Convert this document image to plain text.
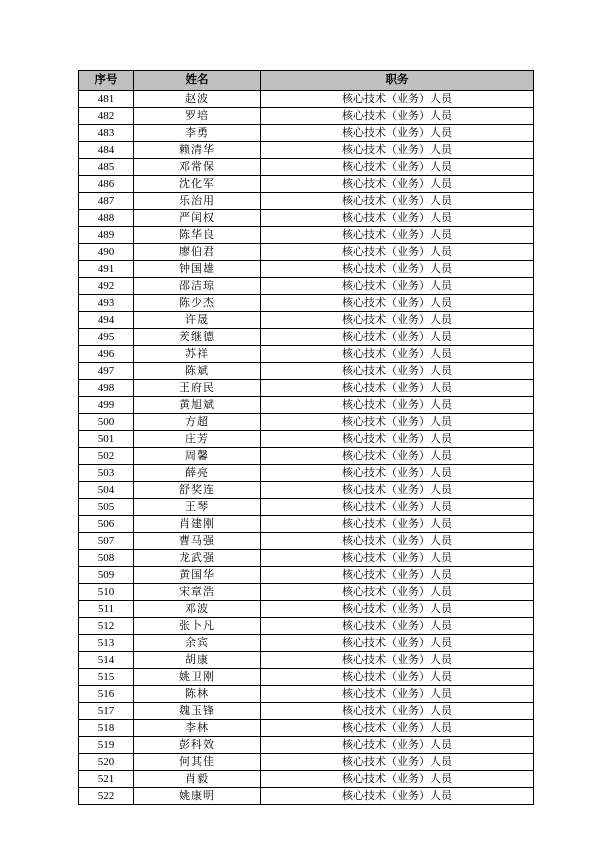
序号	姓名	职务
481	赵波	核心技术（业务）人员
482	罗培	核心技术（业务）人员
483	李勇	核心技术（业务）人员
484	赖清华	核心技术（业务）人员
485	邓常保	核心技术（业务）人员
486	沈化军	核心技术（业务）人员
487	乐治用	核心技术（业务）人员
488	严闰权	核心技术（业务）人员
489	陈华良	核心技术（业务）人员
490	廖伯君	核心技术（业务）人员
491	钟国雄	核心技术（业务）人员
492	邵洁琼	核心技术（业务）人员
493	陈少杰	核心技术（业务）人员
494	许晟	核心技术（业务）人员
495	羑继德	核心技术（业务）人员
496	苏祥	核心技术（业务）人员
497	陈斌	核心技术（业务）人员
498	王府民	核心技术（业务）人员
499	黄旭斌	核心技术（业务）人员
500	方超	核心技术（业务）人员
501	庄芳	核心技术（业务）人员
502	周馨	核心技术（业务）人员
503	薛亮	核心技术（业务）人员
504	舒奖连	核心技术（业务）人员
505	王琴	核心技术（业务）人员
506	肖建刚	核心技术（业务）人员
507	曹马强	核心技术（业务）人员
508	龙武强	核心技术（业务）人员
509	黄国华	核心技术（业务）人员
510	宋章浩	核心技术（业务）人员
511	邓波	核心技术（业务）人员
512	张卜凡	核心技术（业务）人员
513	余宾	核心技术（业务）人员
514	胡康	核心技术（业务）人员
515	姚卫刚	核心技术（业务）人员
516	陈林	核心技术（业务）人员
517	魏玉锋	核心技术（业务）人员
518	李林	核心技术（业务）人员
519	彭科效	核心技术（业务）人员
520	何其佳	核心技术（业务）人员
521	肖毅	核心技术（业务）人员
522	姚康明	核心技术（业务）人员
